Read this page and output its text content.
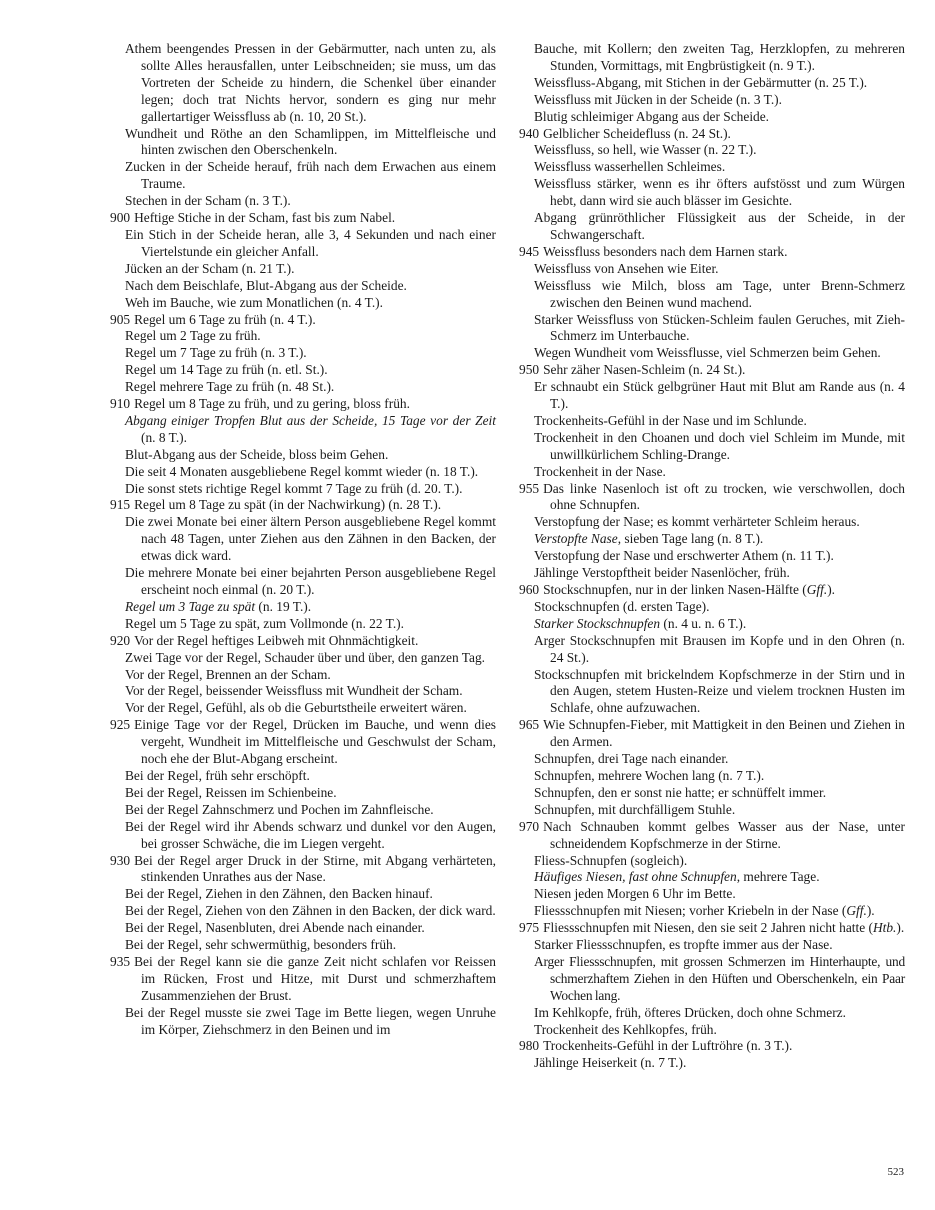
Athem beengendes Pressen in der Gebärmutter, nach unten zu, als sollte Alles herausfallen, unter Leibschneiden; sie muss, um das Vortreten der Scheide zu hindern, die Schenkel über einander legen; doch trat Nichts hervor, sondern es ging nur mehr gallertartiger Weissfluss ab (n. 10, 20 St.).
Wundheit und Röthe an den Schamlippen, im Mittelfleische und hinten zwischen den Oberschenkeln.
Zucken in der Scheide herauf, früh nach dem Erwachen aus einem Traume.
Stechen in der Scham (n. 3 T.).
900 Heftige Stiche in der Scham, fast bis zum Nabel.
Ein Stich in der Scheide heran, alle 3, 4 Sekunden und nach einer Viertelstunde ein gleicher Anfall.
Jücken an der Scham (n. 21 T.).
Nach dem Beischlafe, Blut-Abgang aus der Scheide.
Weh im Bauche, wie zum Monatlichen (n. 4 T.).
905 Regel um 6 Tage zu früh (n. 4 T.).
Regel um 2 Tage zu früh.
Regel um 7 Tage zu früh (n. 3 T.).
Regel um 14 Tage zu früh (n. etl. St.).
Regel mehrere Tage zu früh (n. 48 St.).
910 Regel um 8 Tage zu früh, und zu gering, bloss früh.
Abgang einiger Tropfen Blut aus der Scheide, 15 Tage vor der Zeit (n. 8 T.).
Blut-Abgang aus der Scheide, bloss beim Gehen.
Die seit 4 Monaten ausgebliebene Regel kommt wieder (n. 18 T.).
Die sonst stets richtige Regel kommt 7 Tage zu früh (d. 20. T.).
915 Regel um 8 Tage zu spät (in der Nachwirkung) (n. 28 T.).
Die zwei Monate bei einer ältern Person ausgebliebene Regel kommt nach 48 Tagen, unter Ziehen aus den Zähnen in den Backen, der etwas dick ward.
Die mehrere Monate bei einer bejahrten Person ausgebliebene Regel erscheint noch einmal (n. 20 T.).
Regel um 3 Tage zu spät (n. 19 T.).
Regel um 5 Tage zu spät, zum Vollmonde (n. 22 T.).
920 Vor der Regel heftiges Leibweh mit Ohnmächtigkeit.
Zwei Tage vor der Regel, Schauder über und über, den ganzen Tag.
Vor der Regel, Brennen an der Scham.
Vor der Regel, beissender Weissfluss mit Wundheit der Scham.
Vor der Regel, Gefühl, als ob die Geburtstheile erweitert wären.
925 Einige Tage vor der Regel, Drücken im Bauche, und wenn dies vergeht, Wundheit im Mittelfleische und Geschwulst der Scham, noch ehe der Blut-Abgang erscheint.
Bei der Regel, früh sehr erschöpft.
Bei der Regel, Reissen im Schienbeine.
Bei der Regel Zahnschmerz und Pochen im Zahnfleische.
Bei der Regel wird ihr Abends schwarz und dunkel vor den Augen, bei grosser Schwäche, die im Liegen vergeht.
930 Bei der Regel arger Druck in der Stirne, mit Abgang verhärteten, stinkenden Unrathes aus der Nase.
Bei der Regel, Ziehen in den Zähnen, den Backen hinauf.
Bei der Regel, Ziehen von den Zähnen in den Backen, der dick ward.
Bei der Regel, Nasenbluten, drei Abende nach einander.
Bei der Regel, sehr schwermüthig, besonders früh.
935 Bei der Regel kann sie die ganze Zeit nicht schlafen vor Reissen im Rücken, Frost und Hitze, mit Durst und schmerzhaftem Zusammenziehen der Brust.
Bei der Regel musste sie zwei Tage im Bette liegen, wegen Unruhe im Körper, Ziehschmerz in den Beinen und im
Bauche, mit Kollern; den zweiten Tag, Herzklopfen, zu mehreren Stunden, Vormittags, mit Engbrüstigkeit (n. 9 T.).
Weissfluss-Abgang, mit Stichen in der Gebärmutter (n. 25 T.).
Weissfluss mit Jücken in der Scheide (n. 3 T.).
Blutig schleimiger Abgang aus der Scheide.
940 Gelblicher Scheidefluss (n. 24 St.).
Weissfluss, so hell, wie Wasser (n. 22 T.).
Weissfluss wasserhellen Schleimes.
Weissfluss stärker, wenn es ihr öfters aufstösst und zum Würgen hebt, dann wird sie auch blässer im Gesichte.
Abgang grünröthlicher Flüssigkeit aus der Scheide, in der Schwangerschaft.
945 Weissfluss besonders nach dem Harnen stark.
Weissfluss von Ansehen wie Eiter.
Weissfluss wie Milch, bloss am Tage, unter Brenn-Schmerz zwischen den Beinen wund machend.
Starker Weissfluss von Stücken-Schleim faulen Geruches, mit Zieh-Schmerz im Unterbauche.
Wegen Wundheit vom Weissflusse, viel Schmerzen beim Gehen.
950 Sehr zäher Nasen-Schleim (n. 24 St.).
Er schnaubt ein Stück gelbgrüner Haut mit Blut am Rande aus (n. 4 T.).
Trockenheits-Gefühl in der Nase und im Schlunde.
Trockenheit in den Choanen und doch viel Schleim im Munde, mit unwillkürlichem Schling-Drange.
Trockenheit in der Nase.
955 Das linke Nasenloch ist oft zu trocken, wie verschwollen, doch ohne Schnupfen.
Verstopfung der Nase; es kommt verhärteter Schleim heraus.
Verstopfte Nase, sieben Tage lang (n. 8 T.).
Verstopfung der Nase und erschwerter Athem (n. 11 T.).
Jählinge Verstopftheit beider Nasenlöcher, früh.
960 Stockschnupfen, nur in der linken Nasen-Hälfte (Gff.).
Stockschnupfen (d. ersten Tage).
Starker Stockschnupfen (n. 4 u. n. 6 T.).
Arger Stockschnupfen mit Brausen im Kopfe und in den Ohren (n. 24 St.).
Stockschnupfen mit brickelndem Kopfschmerze in der Stirn und in den Augen, stetem Husten-Reize und vielem trocknen Husten im Schlafe, ohne aufzuwachen.
965 Wie Schnupfen-Fieber, mit Mattigkeit in den Beinen und Ziehen in den Armen.
Schnupfen, drei Tage nach einander.
Schnupfen, mehrere Wochen lang (n. 7 T.).
Schnupfen, den er sonst nie hatte; er schnüffelt immer.
Schnupfen, mit durchfälligem Stuhle.
970 Nach Schnauben kommt gelbes Wasser aus der Nase, unter schneidendem Kopfschmerze in der Stirne.
Fliess-Schnupfen (sogleich).
Häufiges Niesen, fast ohne Schnupfen, mehrere Tage.
Niesen jeden Morgen 6 Uhr im Bette.
Fliessschnupfen mit Niesen; vorher Kriebeln in der Nase (Gff.).
975 Fliessschnupfen mit Niesen, den sie seit 2 Jahren nicht hatte (Htb.).
Starker Fliessschnupfen, es tropfte immer aus der Nase.
Arger Fliessschnupfen, mit grossen Schmerzen im Hinterhaupte, und schmerzhaftem Ziehen in den Hüften und Oberschenkeln, ein Paar Wochen lang.
Im Kehlkopfe, früh, öfteres Drücken, doch ohne Schmerz.
Trockenheit des Kehlkopfes, früh.
980 Trockenheits-Gefühl in der Luftröhre (n. 3 T.).
Jählinge Heiserkeit (n. 7 T.).
523
